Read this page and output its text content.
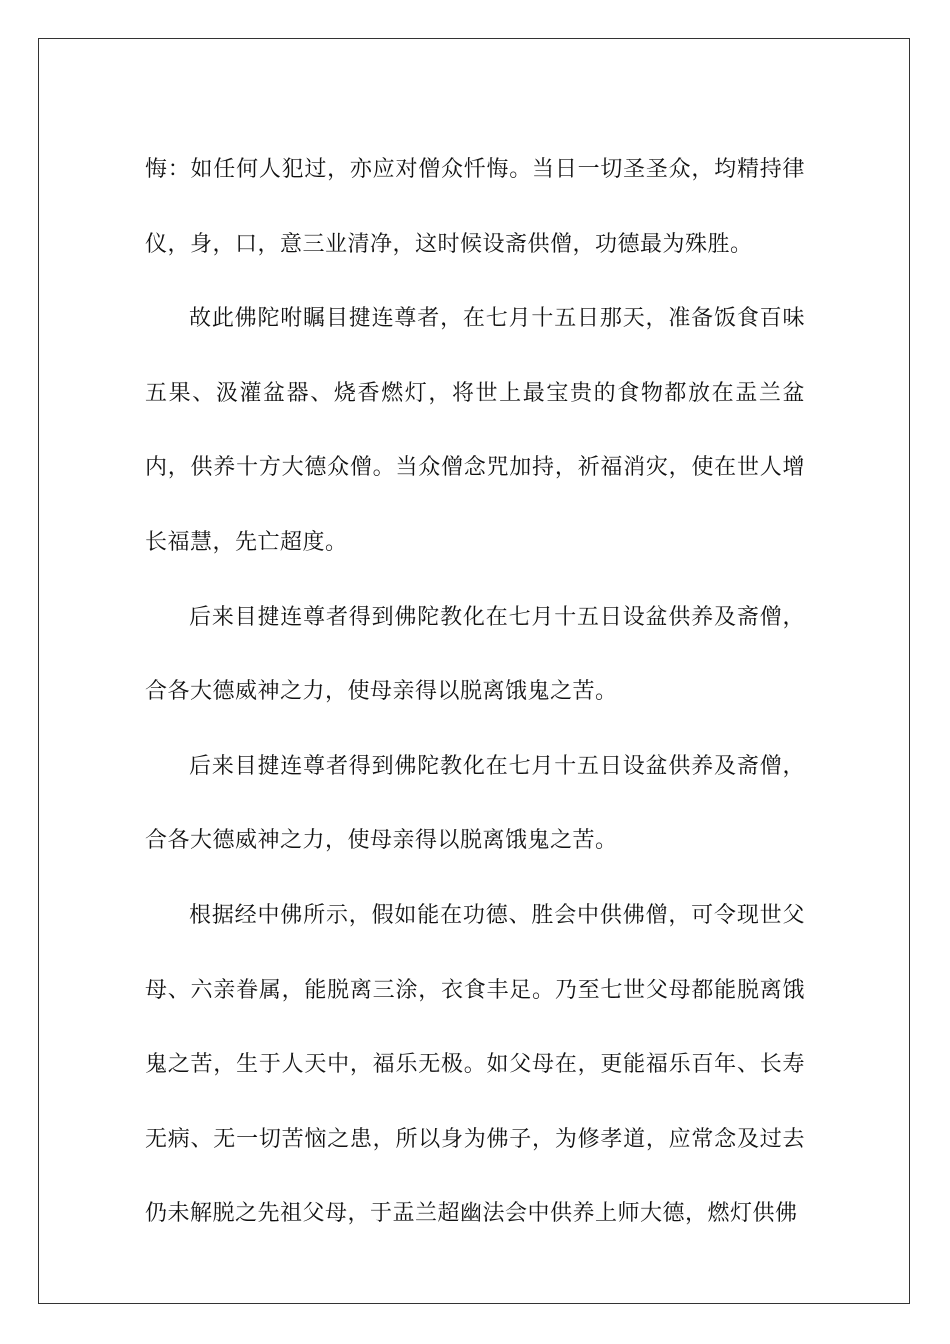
悔：如任何人犯过，亦应对僧众忏悔。当日一切圣圣众，均精持律仪，身，口，意三业清净，这时候设斋供僧，功德最为殊胜。

故此佛陀咐瞩目揵连尊者，在七月十五日那天，准备饭食百味五果、汲灌盆器、烧香燃灯，将世上最宝贵的食物都放在盂兰盆内，供养十方大德众僧。当众僧念咒加持，祈福消灾，使在世人增长福慧，先亡超度。

后来目揵连尊者得到佛陀教化在七月十五日设盆供养及斋僧，合各大德威神之力，使母亲得以脱离饿鬼之苦。

后来目揵连尊者得到佛陀教化在七月十五日设盆供养及斋僧，合各大德威神之力，使母亲得以脱离饿鬼之苦。

根据经中佛所示，假如能在功德、胜会中供佛僧，可令现世父母、六亲眷属，能脱离三涂，衣食丰足。乃至七世父母都能脱离饿鬼之苦，生于人天中，福乐无极。如父母在，更能福乐百年、长寿无病、无一切苦恼之患，所以身为佛子，为修孝道，应常念及过去仍未解脱之先祖父母，于盂兰超幽法会中供养上师大德，燃灯供佛
